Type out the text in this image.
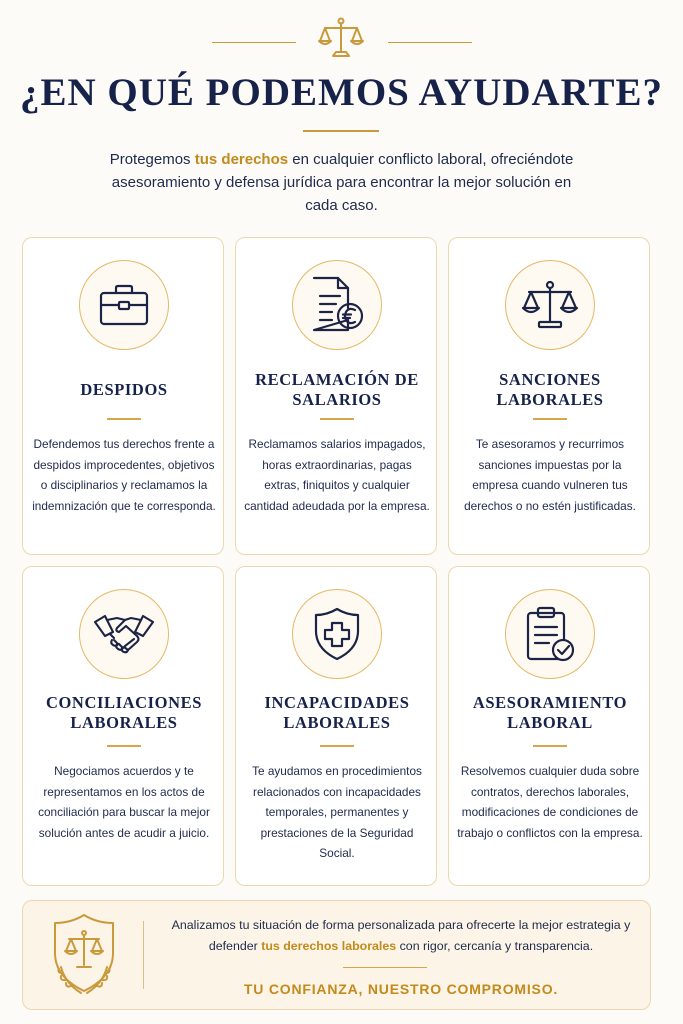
¿EN QUÉ PODEMOS AYUDARTE?

Protegemos tus derechos en cualquier conflicto laboral, ofreciéndote asesoramiento y defensa jurídica para encontrar la mejor solución en cada caso.

DESPIDOS
Defendemos tus derechos frente a despidos improcedentes, objetivos o disciplinarios y reclamamos la indemnización que te corresponda.
RECLAMACIÓN DE SALARIOS
Reclamamos salarios impagados, horas extraordinarias, pagas extras, finiquitos y cualquier cantidad adeudada por la empresa.
SANCIONES LABORALES
Te asesoramos y recurrimos sanciones impuestas por la empresa cuando vulneren tus derechos o no estén justificadas.
CONCILIACIONES LABORALES
Negociamos acuerdos y te representamos en los actos de conciliación para buscar la mejor solución antes de acudir a juicio.
INCAPACIDADES LABORALES
Te ayudamos en procedimientos relacionados con incapacidades temporales, permanentes y prestaciones de la Seguridad Social.
ASESORAMIENTO LABORAL
Resolvemos cualquier duda sobre contratos, derechos laborales, modificaciones de condiciones de trabajo o conflictos con la empresa.

Analizamos tu situación de forma personalizada para ofrecerte la mejor estrategia y defender tus derechos laborales con rigor, cercanía y transparencia.

TU CONFIANZA, NUESTRO COMPROMISO.
